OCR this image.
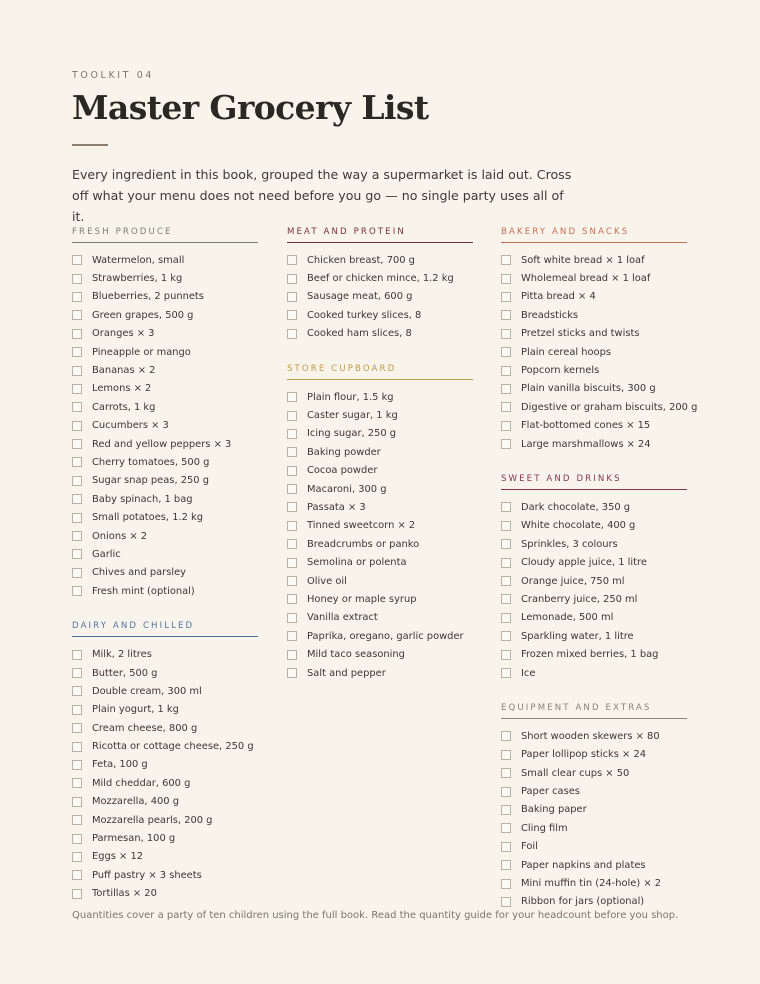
TOOLKIT 04
Master Grocery List

Every ingredient in this book, grouped the way a supermarket is laid out. Cross off what your menu does not need before you go — no single party uses all of it.

FRESH PRODUCE
Watermelon, small
Strawberries, 1 kg
Blueberries, 2 punnets
Green grapes, 500 g
Oranges × 3
Pineapple or mango
Bananas × 2
Lemons × 2
Carrots, 1 kg
Cucumbers × 3
Red and yellow peppers × 3
Cherry tomatoes, 500 g
Sugar snap peas, 250 g
Baby spinach, 1 bag
Small potatoes, 1.2 kg
Onions × 2
Garlic
Chives and parsley
Fresh mint (optional)
DAIRY AND CHILLED
Milk, 2 litres
Butter, 500 g
Double cream, 300 ml
Plain yogurt, 1 kg
Cream cheese, 800 g
Ricotta or cottage cheese, 250 g
Feta, 100 g
Mild cheddar, 600 g
Mozzarella, 400 g
Mozzarella pearls, 200 g
Parmesan, 100 g
Eggs × 12
Puff pastry × 3 sheets
Tortillas × 20
MEAT AND PROTEIN
Chicken breast, 700 g
Beef or chicken mince, 1.2 kg
Sausage meat, 600 g
Cooked turkey slices, 8
Cooked ham slices, 8
STORE CUPBOARD
Plain flour, 1.5 kg
Caster sugar, 1 kg
Icing sugar, 250 g
Baking powder
Cocoa powder
Macaroni, 300 g
Passata × 3
Tinned sweetcorn × 2
Breadcrumbs or panko
Semolina or polenta
Olive oil
Honey or maple syrup
Vanilla extract
Paprika, oregano, garlic powder
Mild taco seasoning
Salt and pepper
BAKERY AND SNACKS
Soft white bread × 1 loaf
Wholemeal bread × 1 loaf
Pitta bread × 4
Breadsticks
Pretzel sticks and twists
Plain cereal hoops
Popcorn kernels
Plain vanilla biscuits, 300 g
Digestive or graham biscuits, 200 g
Flat-bottomed cones × 15
Large marshmallows × 24
SWEET AND DRINKS
Dark chocolate, 350 g
White chocolate, 400 g
Sprinkles, 3 colours
Cloudy apple juice, 1 litre
Orange juice, 750 ml
Cranberry juice, 250 ml
Lemonade, 500 ml
Sparkling water, 1 litre
Frozen mixed berries, 1 bag
Ice
EQUIPMENT AND EXTRAS
Short wooden skewers × 80
Paper lollipop sticks × 24
Small clear cups × 50
Paper cases
Baking paper
Cling film
Foil
Paper napkins and plates
Mini muffin tin (24-hole) × 2
Ribbon for jars (optional)

Quantities cover a party of ten children using the full book. Read the quantity guide for your headcount before you shop.
